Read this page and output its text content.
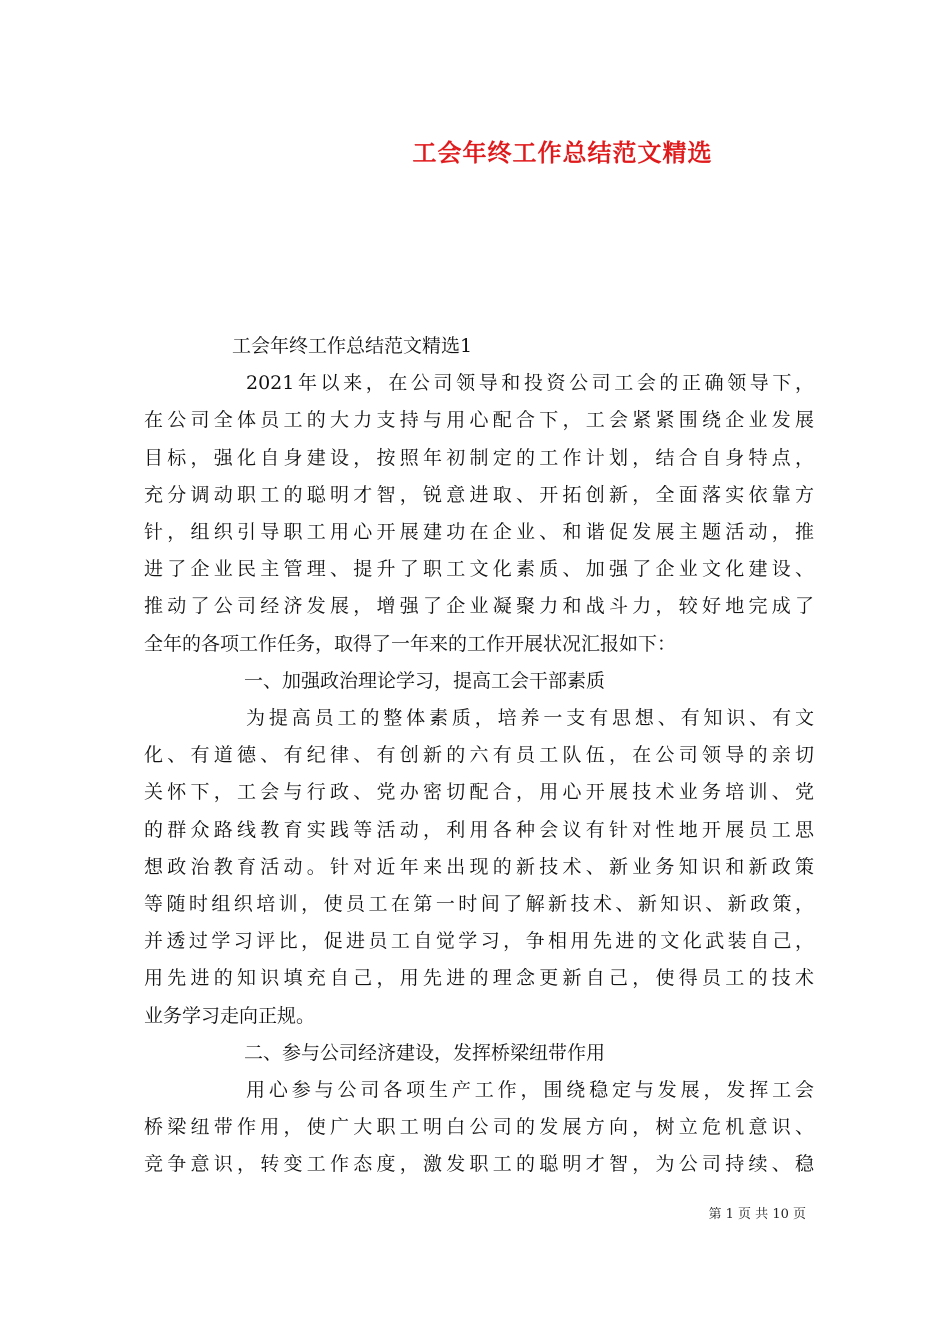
工会年终工作总结范文精选
工会年终工作总结范文精选1
2021年以来，在公司领导和投资公司工会的正确领导下，
在公司全体员工的大力支持与用心配合下，工会紧紧围绕企业发展
目标，强化自身建设，按照年初制定的工作计划，结合自身特点，
充分调动职工的聪明才智，锐意进取、开拓创新，全面落实依靠方
针，组织引导职工用心开展建功在企业、和谐促发展主题活动，推
进了企业民主管理、提升了职工文化素质、加强了企业文化建设、
推动了公司经济发展，增强了企业凝聚力和战斗力，较好地完成了
全年的各项工作任务，取得了一年来的工作开展状况汇报如下：
一、加强政治理论学习，提高工会干部素质
为提高员工的整体素质，培养一支有思想、有知识、有文
化、有道德、有纪律、有创新的六有员工队伍，在公司领导的亲切
关怀下，工会与行政、党办密切配合，用心开展技术业务培训、党
的群众路线教育实践等活动，利用各种会议有针对性地开展员工思
想政治教育活动。针对近年来出现的新技术、新业务知识和新政策
等随时组织培训，使员工在第一时间了解新技术、新知识、新政策，
并透过学习评比，促进员工自觉学习，争相用先进的文化武装自己，
用先进的知识填充自己，用先进的理念更新自己，使得员工的技术
业务学习走向正规。
二、参与公司经济建设，发挥桥梁纽带作用
用心参与公司各项生产工作，围绕稳定与发展，发挥工会
桥梁纽带作用，使广大职工明白公司的发展方向，树立危机意识、
竞争意识，转变工作态度，激发职工的聪明才智，为公司持续、稳
第 1 页 共 10 页
